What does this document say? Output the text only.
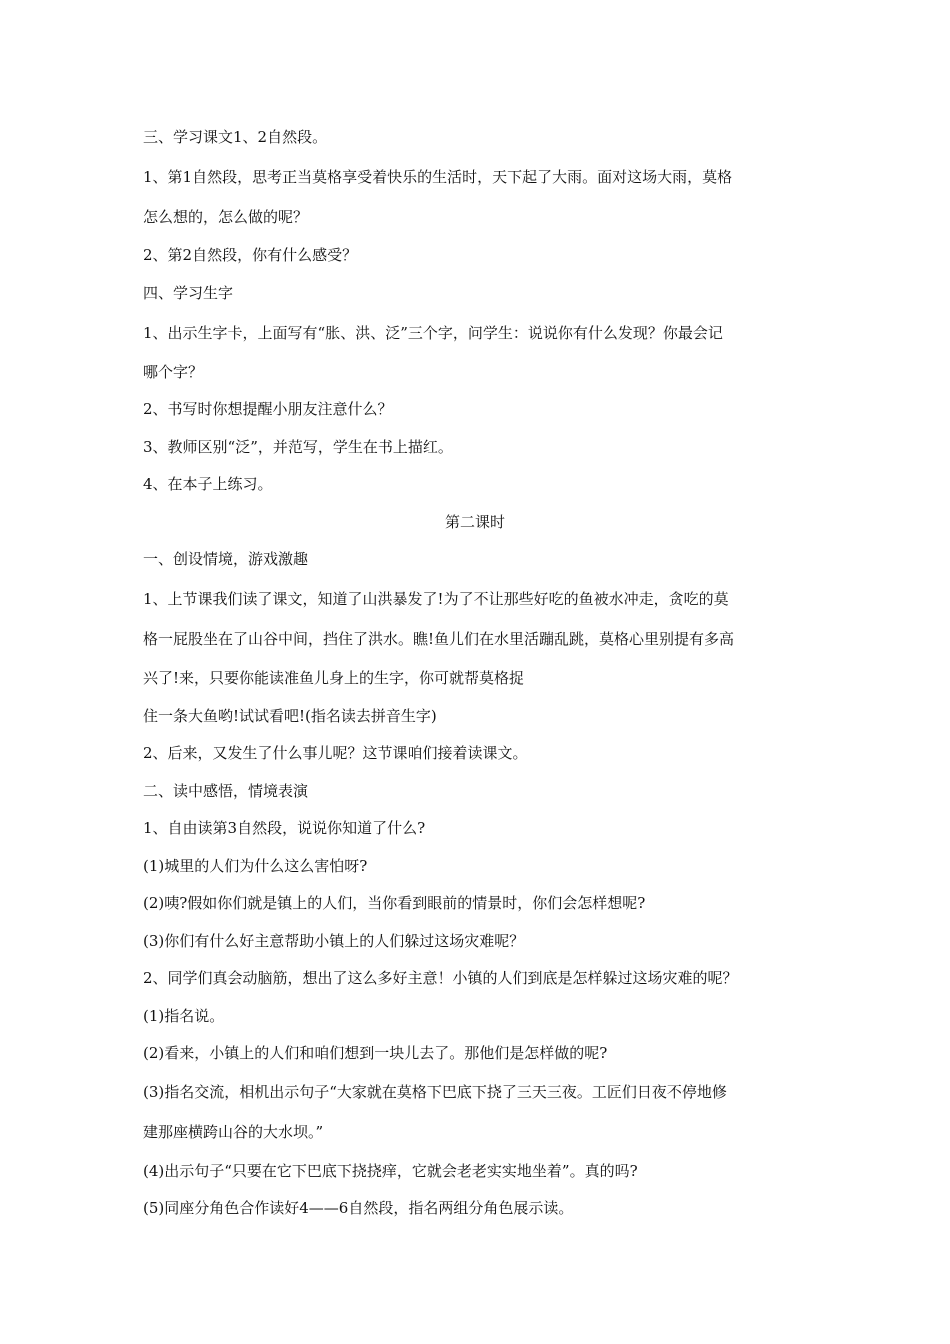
三、学习课文1、2自然段。
1、第1自然段，思考正当莫格享受着快乐的生活时，天下起了大雨。面对这场大雨，莫格
怎么想的，怎么做的呢？
2、第2自然段，你有什么感受？
四、学习生字
1、出示生字卡，上面写有“胀、洪、泛”三个字，问学生：说说你有什么发现？你最会记
哪个字？
2、书写时你想提醒小朋友注意什么？
3、教师区别“泛”，并范写，学生在书上描红。
4、在本子上练习。
第二课时
一、创设情境，游戏激趣
1、上节课我们读了课文，知道了山洪暴发了!为了不让那些好吃的鱼被水冲走，贪吃的莫
格一屁股坐在了山谷中间，挡住了洪水。瞧!鱼儿们在水里活蹦乱跳，莫格心里别提有多高
兴了!来，只要你能读准鱼儿身上的生字，你可就帮莫格捉
住一条大鱼哟!试试看吧!(指名读去拼音生字)
2、后来，又发生了什么事儿呢？这节课咱们接着读课文。
二、读中感悟，情境表演
1、自由读第3自然段，说说你知道了什么?
(1)城里的人们为什么这么害怕呀?
(2)咦?假如你们就是镇上的人们，当你看到眼前的情景时，你们会怎样想呢?
(3)你们有什么好主意帮助小镇上的人们躲过这场灾难呢？
2、同学们真会动脑筋，想出了这么多好主意！小镇的人们到底是怎样躲过这场灾难的呢？
(1)指名说。
(2)看来，小镇上的人们和咱们想到一块儿去了。那他们是怎样做的呢?
(3)指名交流，相机出示句子“大家就在莫格下巴底下挠了三天三夜。工匠们日夜不停地修
建那座横跨山谷的大水坝。”
(4)出示句子“只要在它下巴底下挠挠痒，它就会老老实实地坐着”。真的吗?
(5)同座分角色合作读好4——6自然段，指名两组分角色展示读。
